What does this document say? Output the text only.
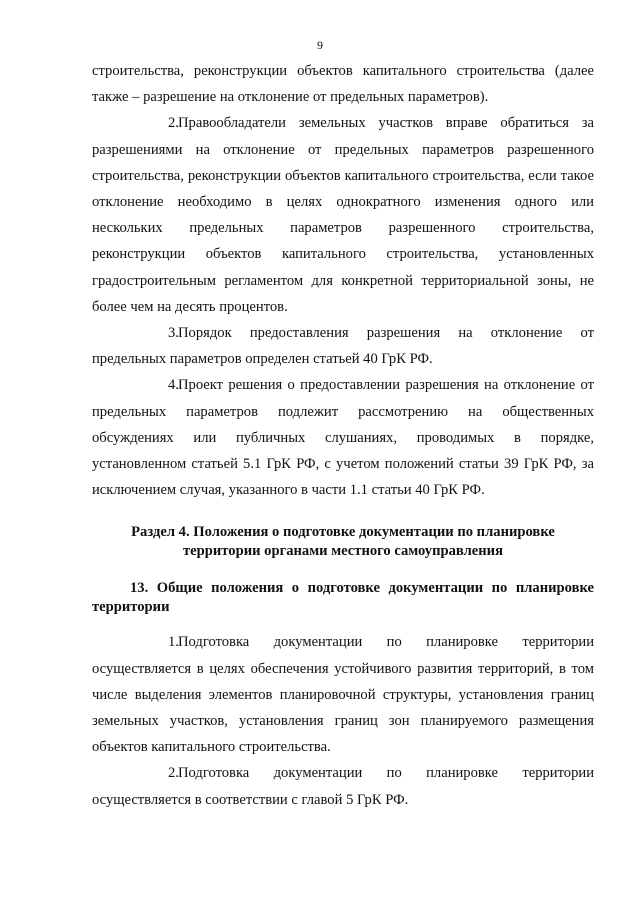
9

строительства, реконструкции объектов капитального строительства (далее также – разрешение на отклонение от предельных параметров).

2.Правообладатели земельных участков вправе обратиться за разрешениями на отклонение от предельных параметров разрешенного строительства, реконструкции объектов капитального строительства, если такое отклонение необходимо в целях однократного изменения одного или нескольких предельных параметров разрешенного строительства, реконструкции объектов капитального строительства, установленных градостроительным регламентом для конкретной территориальной зоны, не более чем на десять процентов.

3.Порядок предоставления разрешения на отклонение от предельных параметров определен статьей 40 ГрК РФ.

4.Проект решения о предоставлении разрешения на отклонение от предельных параметров подлежит рассмотрению на общественных обсуждениях или публичных слушаниях, проводимых в порядке, установленном статьей 5.1 ГрК РФ, с учетом положений статьи 39 ГрК РФ, за исключением случая, указанного в части 1.1 статьи 40 ГрК РФ.

Раздел 4. Положения о подготовке документации по планировке
территории органами местного самоуправления

13. Общие положения о подготовке документации по планировке территории

1.Подготовка документации по планировке территории осуществляется в целях обеспечения устойчивого развития территорий, в том числе выделения элементов планировочной структуры, установления границ земельных участков, установления границ зон планируемого размещения объектов капитального строительства.

2.Подготовка документации по планировке территории осуществляется в соответствии с главой 5 ГрК РФ.
